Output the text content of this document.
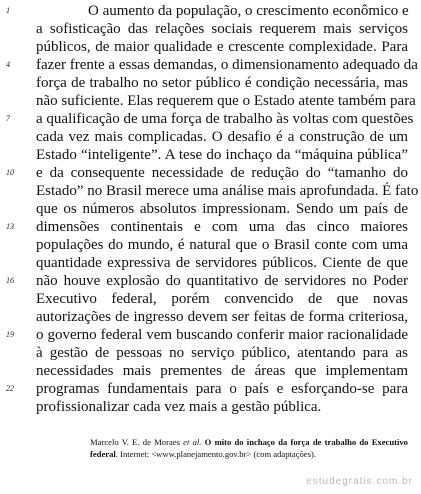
1
4
7
10
13
16
19
22
O aumento da população, o crescimento econômico e
a sofisticação das relações sociais requerem mais serviços
públicos, de maior qualidade e crescente complexidade. Para
fazer frente a essas demandas, o dimensionamento adequado da
força de trabalho no setor público é condição necessária, mas
não suficiente. Elas requerem que o Estado atente também para
a qualificação de uma força de trabalho às voltas com questões
cada vez mais complicadas. O desafio é a construção de um
Estado “inteligente”. A tese do inchaço da “máquina pública”
e da consequente necessidade de redução do “tamanho do
Estado” no Brasil merece uma análise mais aprofundada. É fato
que os números absolutos impressionam. Sendo um país de
dimensões continentais e com uma das cinco maiores
populações do mundo, é natural que o Brasil conte com uma
quantidade expressiva de servidores públicos. Ciente de que
não houve explosão do quantitativo de servidores no Poder
Executivo federal, porém convencido de que novas
autorizações de ingresso devem ser feitas de forma criteriosa,
o governo federal vem buscando conferir maior racionalidade
à gestão de pessoas no serviço público, atentando para as
necessidades mais prementes de áreas que implementam
programas fundamentais para o país e esforçando-se para
profissionalizar cada vez mais a gestão pública.
Marcelo V. E. de Moraes et al. O mito do inchaço da força de trabalho do Executivo federal. Internet: <www.planejamento.gov.br> (com adaptações).
estudegratis.com.br
